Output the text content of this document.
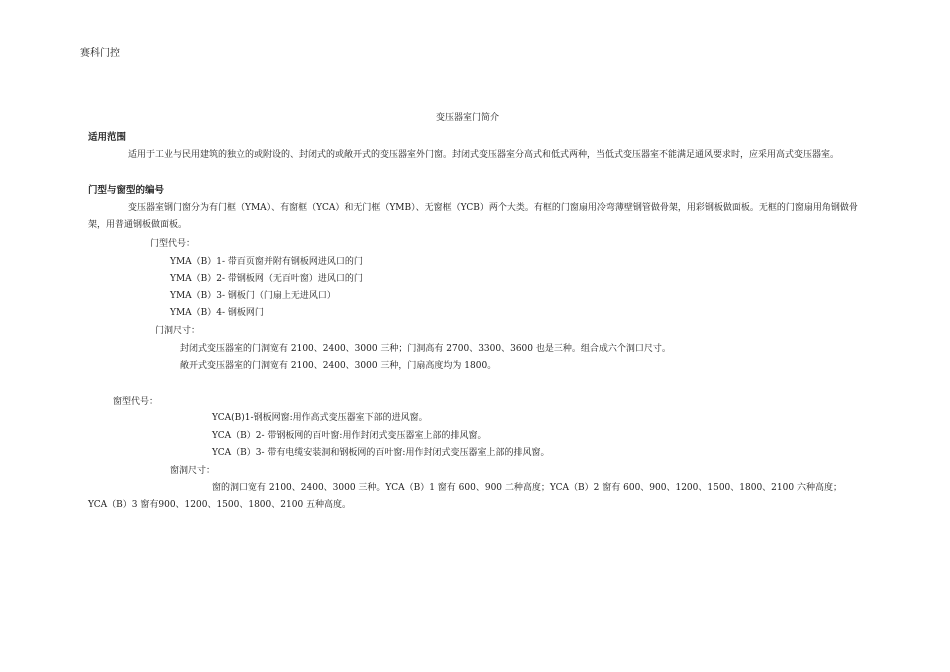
赛科门控
变压器室门简介
适用范围
适用于工业与民用建筑的独立的或附设的、封闭式的或敞开式的变压器室外门窗。封闭式变压器室分高式和低式两种，当低式变压器室不能满足通风要求时，应采用高式变压器室。
门型与窗型的编号
变压器室钢门窗分为有门框（YMA）、有窗框（YCA）和无门框（YMB）、无窗框（YCB）两个大类。有框的门窗扇用冷弯薄壁钢管做骨架，用彩钢板做面板。无框的门窗扇用角钢做骨架，用普通钢板做面板。
门型代号：
YMA（B）1- 带百页窗并附有钢板网进风口的门
YMA（B）2- 带钢板网（无百叶窗）进风口的门
YMA（B）3- 钢板门（门扇上无进风口）
YMA（B）4- 钢板网门
门洞尺寸：
封闭式变压器室的门洞宽有 2100、2400、3000 三种；门洞高有 2700、3300、3600 也是三种。组合成六个洞口尺寸。
敞开式变压器室的门洞宽有 2100、2400、3000 三种，门扇高度均为 1800。
窗型代号：
YCA(B)1-钢板网窗:用作高式变压器室下部的进风窗。
YCA（B）2- 带钢板网的百叶窗:用作封闭式变压器室上部的排风窗。
YCA（B）3- 带有电缆安装洞和钢板网的百叶窗:用作封闭式变压器室上部的排风窗。
窗洞尺寸：
窗的洞口宽有 2100、2400、3000 三种。YCA（B）1 窗有 600、900 二种高度；YCA（B）2 窗有 600、900、1200、1500、1800、2100 六种高度；YCA（B）3 窗有900、1200、1500、1800、2100 五种高度。
